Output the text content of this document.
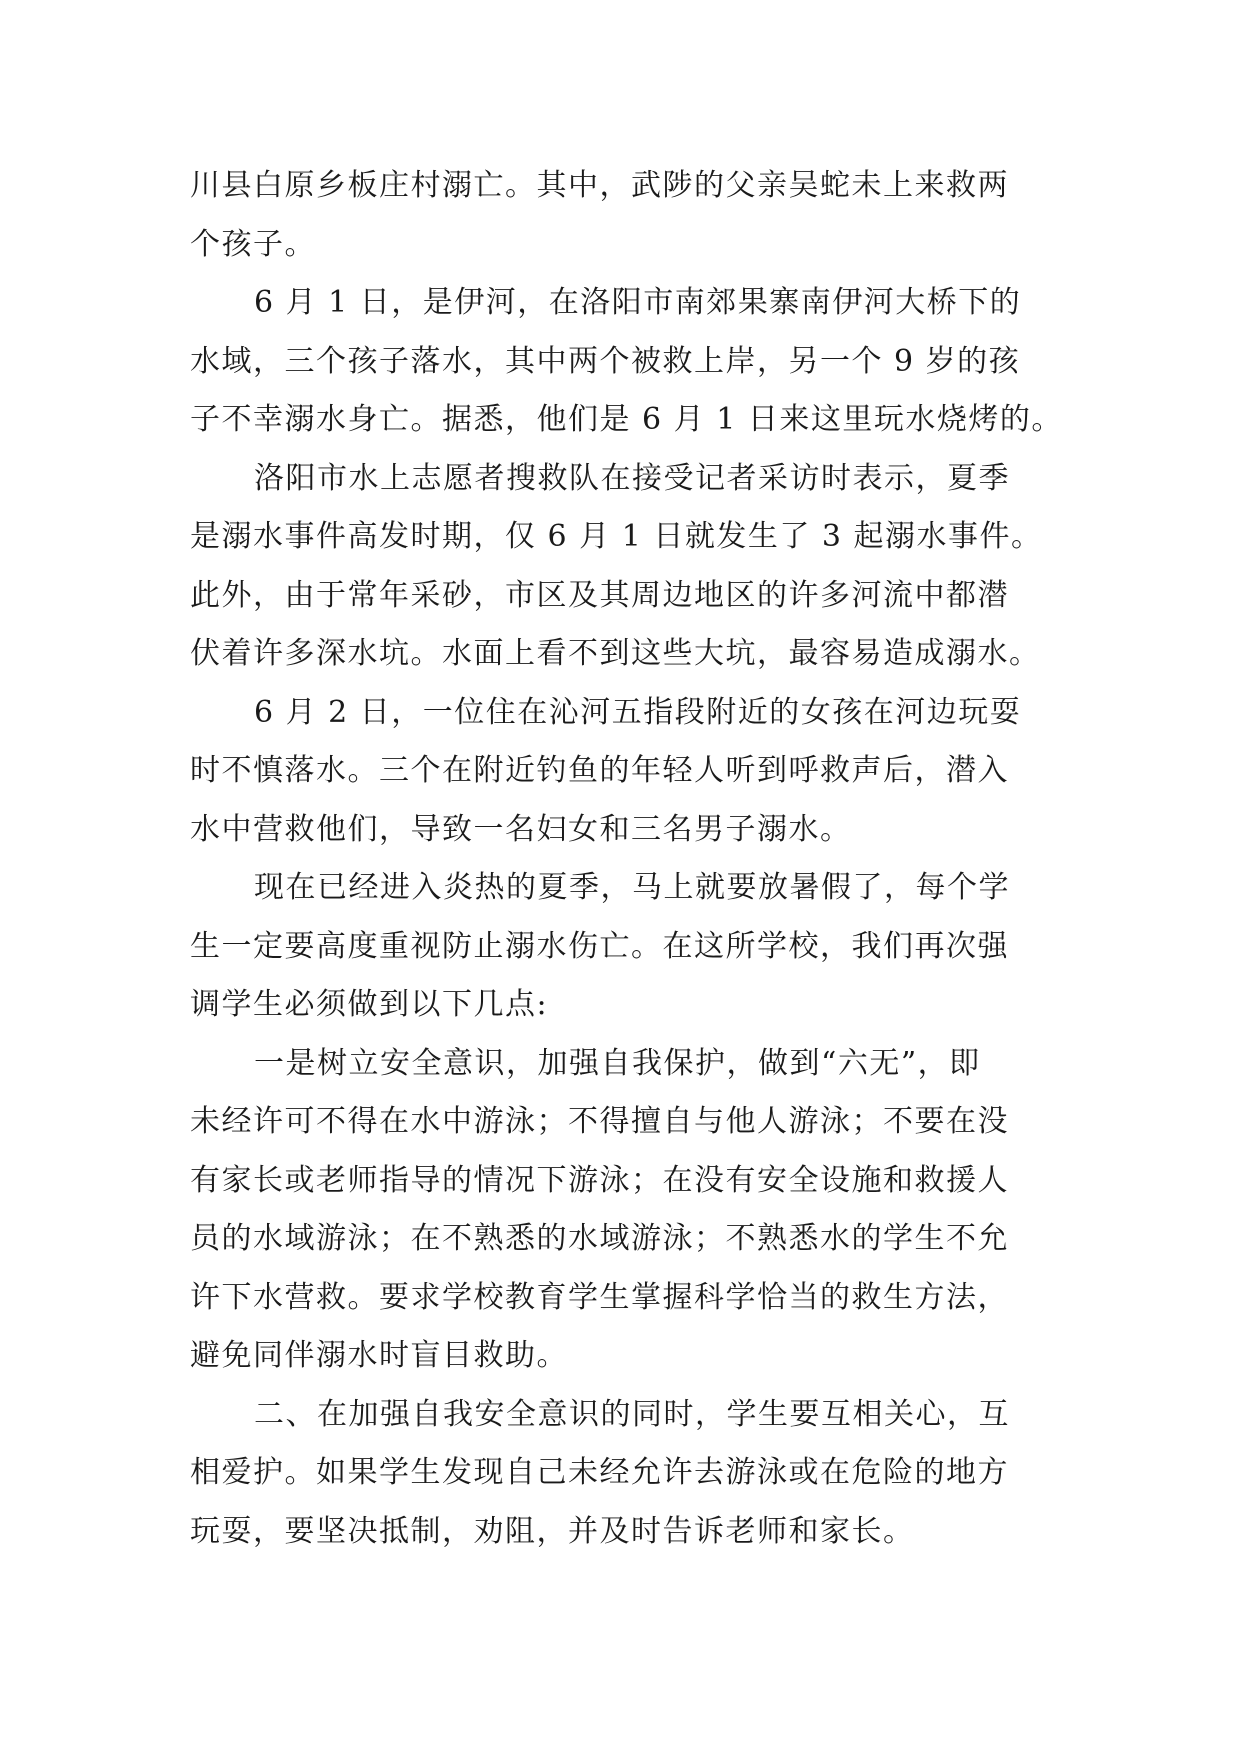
川县白原乡板庄村溺亡。其中，武陟的父亲吴蛇未上来救两
个孩子。
6 月 1 日，是伊河，在洛阳市南郊果寨南伊河大桥下的
水域，三个孩子落水，其中两个被救上岸，另一个 9 岁的孩
子不幸溺水身亡。据悉，他们是 6 月 1 日来这里玩水烧烤的。
洛阳市水上志愿者搜救队在接受记者采访时表示，夏季
是溺水事件高发时期，仅 6 月 1 日就发生了 3 起溺水事件。
此外，由于常年采砂，市区及其周边地区的许多河流中都潜
伏着许多深水坑。水面上看不到这些大坑，最容易造成溺水。
6 月 2 日，一位住在沁河五指段附近的女孩在河边玩耍
时不慎落水。三个在附近钓鱼的年轻人听到呼救声后，潜入
水中营救他们，导致一名妇女和三名男子溺水。
现在已经进入炎热的夏季，马上就要放暑假了，每个学
生一定要高度重视防止溺水伤亡。在这所学校，我们再次强
调学生必须做到以下几点:
一是树立安全意识，加强自我保护，做到“六无”，即
未经许可不得在水中游泳；不得擅自与他人游泳；不要在没
有家长或老师指导的情况下游泳；在没有安全设施和救援人
员的水域游泳；在不熟悉的水域游泳；不熟悉水的学生不允
许下水营救。要求学校教育学生掌握科学恰当的救生方法，
避免同伴溺水时盲目救助。
二、在加强自我安全意识的同时，学生要互相关心，互
相爱护。如果学生发现自己未经允许去游泳或在危险的地方
玩耍，要坚决抵制，劝阻，并及时告诉老师和家长。
